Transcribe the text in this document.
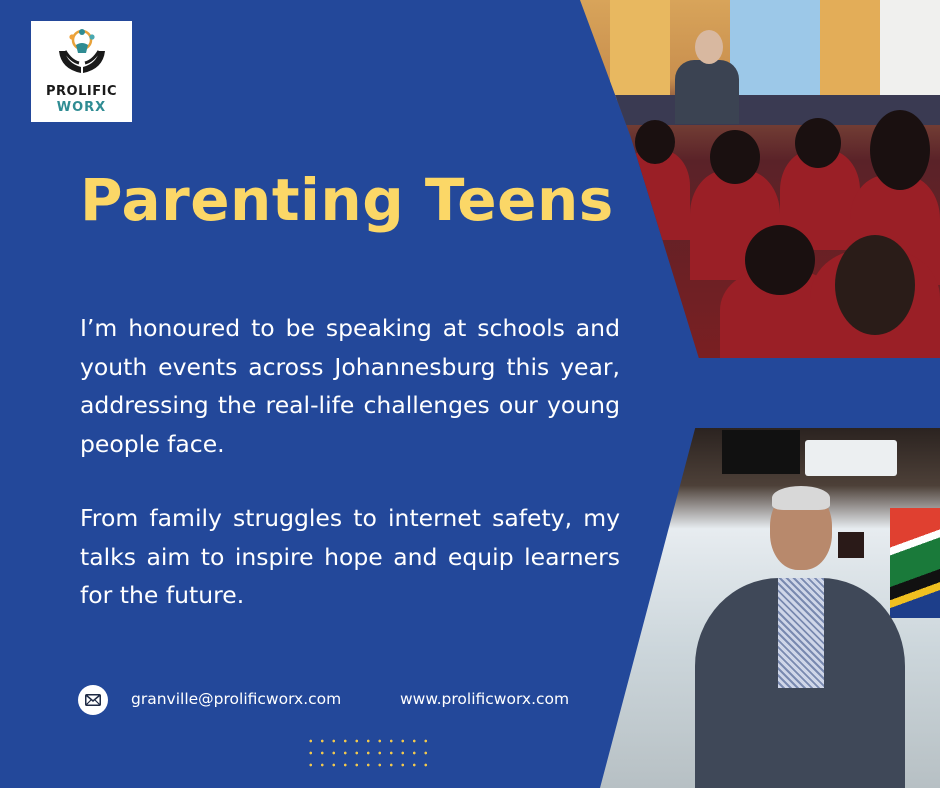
PROLIFIC
WORX
Parenting Teens
I’m honoured to be speaking at schools and youth events across Johannesburg this year, addressing the real-life challenges our young people face.
From family struggles to internet safety, my talks aim to inspire hope and equip learners for the future.
granville@prolificworx.com	www.prolificworx.com
